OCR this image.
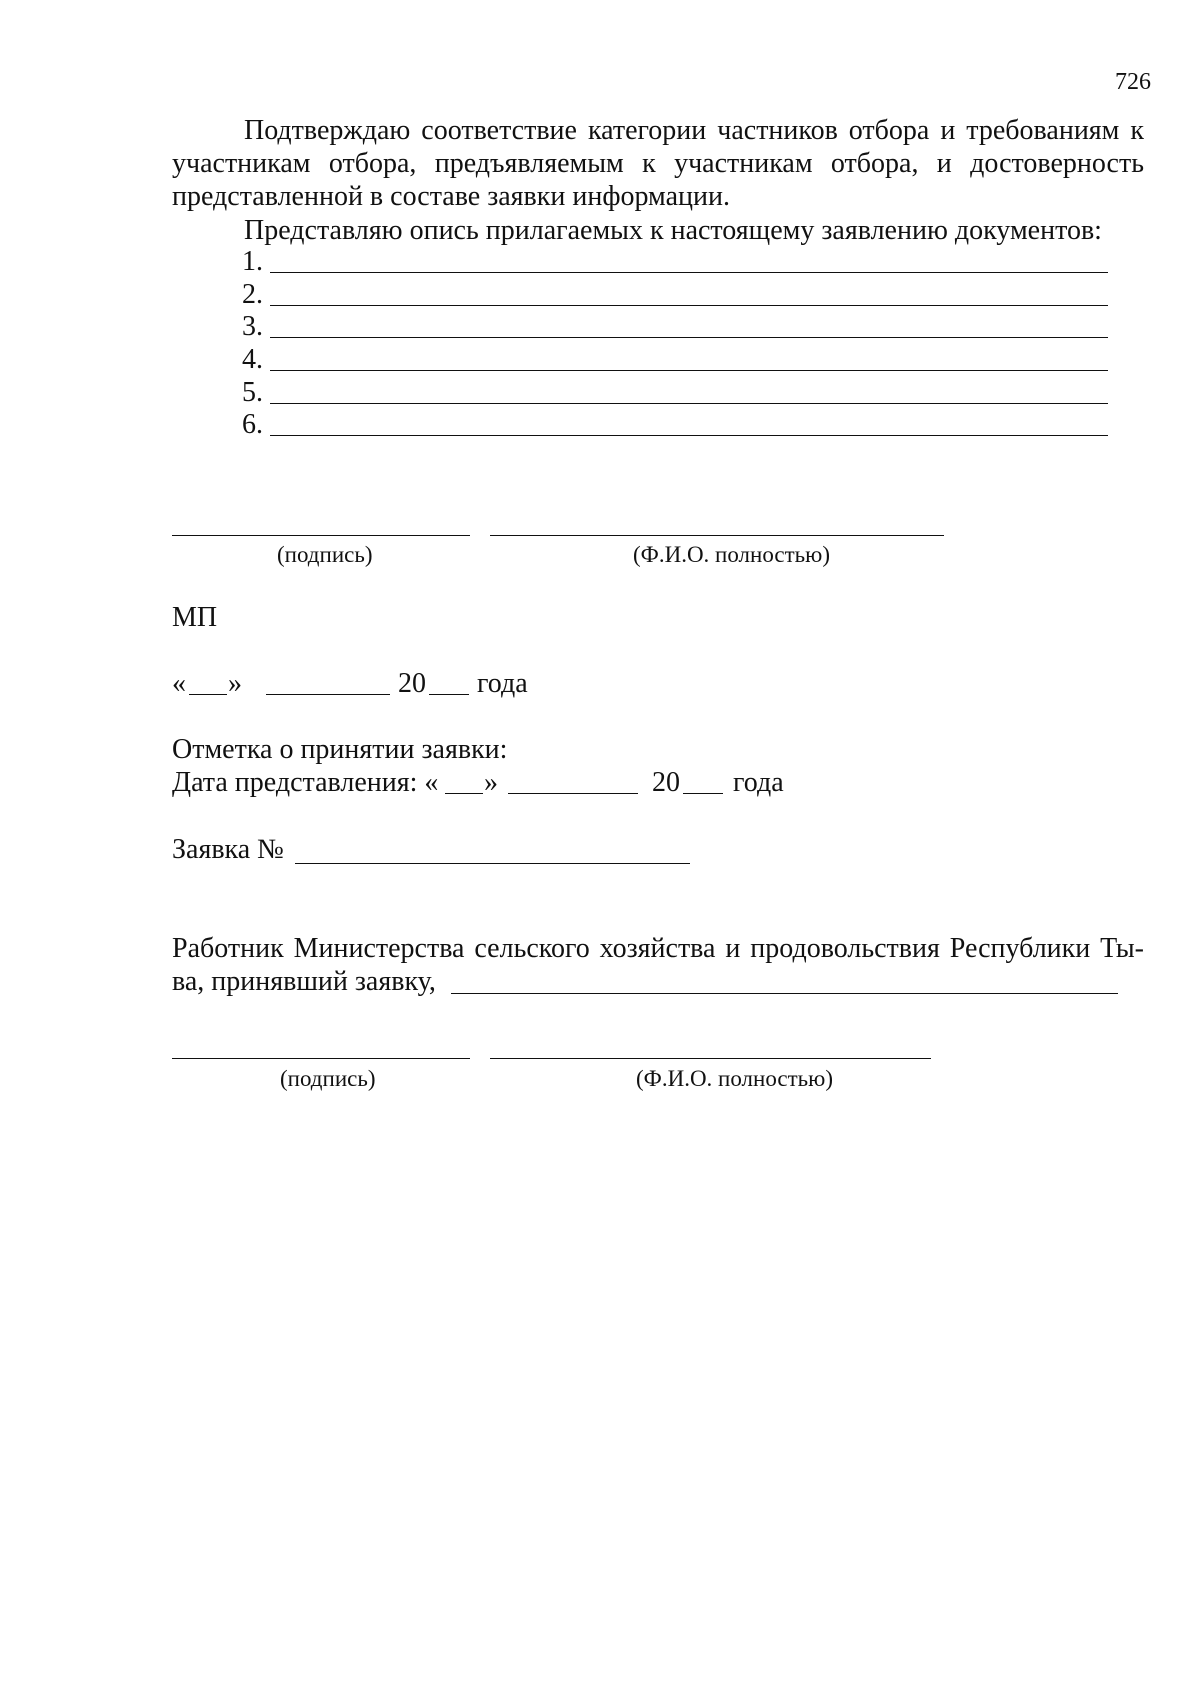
726
Подтверждаю соответствие категории частников отбора и требованиям к
участникам отбора, предъявляемым к участникам отбора, и достоверность
представленной в составе заявки информации.
Представляю опись прилагаемых к настоящему заявлению документов:
1.
2.
3.
4.
5.
6.
(подпись)	(Ф.И.О. полностью)
МП
« »	20 года
Отметка о принятии заявки:
Дата представления: « »	20 года
Заявка №
Работник Министерства сельского хозяйства и продовольствия Республики Ты-
ва, принявший заявку,
(подпись)	(Ф.И.О. полностью)
